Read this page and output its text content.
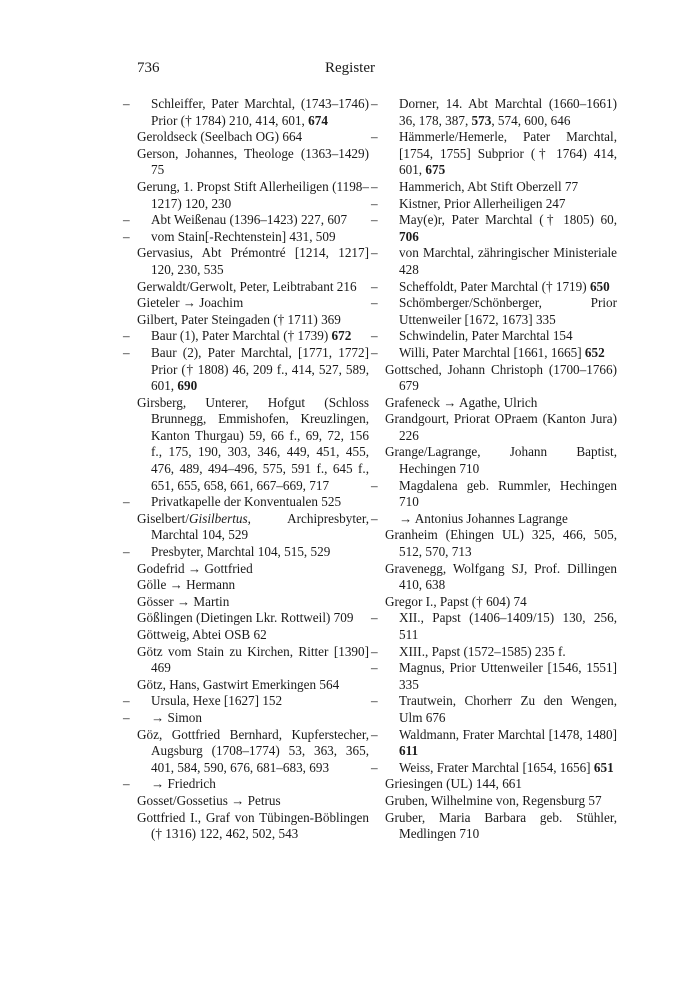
736	Register
– Schleiffer, Pater Marchtal, (1743–1746) Prior († 1784) 210, 414, 601, 674
Geroldseck (Seelbach OG) 664
Gerson, Johannes, Theologe (1363–1429) 75
Gerung, 1. Propst Stift Allerheiligen (1198–1217) 120, 230
– Abt Weißenau (1396–1423) 227, 607
– vom Stain[-Rechtenstein] 431, 509
Gervasius, Abt Prémontré [1214, 1217] 120, 230, 535
Gerwaldt/Gerwolt, Peter, Leibtrabant 216
Gieteler → Joachim
Gilbert, Pater Steingaden († 1711) 369
– Baur (1), Pater Marchtal († 1739) 672
– Baur (2), Pater Marchtal, [1771, 1772] Prior († 1808) 46, 209 f., 414, 527, 589, 601, 690
Girsberg, Unterer, Hofgut (Schloss Brunnegg, Emmishofen, Kreuzlingen, Kanton Thurgau) 59, 66 f., 69, 72, 156 f., 175, 190, 303, 346, 449, 451, 455, 476, 489, 494–496, 575, 591 f., 645 f., 651, 655, 658, 661, 667–669, 717
– Privatkapelle der Konventualen 525
Giselbert/Gisilbertus, Archipresbyter, Marchtal 104, 529
– Presbyter, Marchtal 104, 515, 529
Godefrid → Gottfried
Gölle → Hermann
Gösser → Martin
Gößlingen (Dietingen Lkr. Rottweil) 709
Göttweig, Abtei OSB 62
Götz vom Stain zu Kirchen, Ritter [1390] 469
Götz, Hans, Gastwirt Emerkingen 564
– Ursula, Hexe [1627] 152
– → Simon
Göz, Gottfried Bernhard, Kupferstecher, Augsburg (1708–1774) 53, 363, 365, 401, 584, 590, 676, 681–683, 693
– → Friedrich
Gosset/Gossetius → Petrus
Gottfried I., Graf von Tübingen-Böblingen († 1316) 122, 462, 502, 543
– Dorner, 14. Abt Marchtal (1660–1661) 36, 178, 387, 573, 574, 600, 646
– Hämmerle/Hemerle, Pater Marchtal, [1754, 1755] Subprior († 1764) 414, 601, 675
– Hammerich, Abt Stift Oberzell 77
– Kistner, Prior Allerheiligen 247
– May(e)r, Pater Marchtal († 1805) 60, 706
– von Marchtal, zähringischer Ministeriale 428
– Scheffoldt, Pater Marchtal († 1719) 650
– Schömberger/Schönberger, Prior Uttenweiler [1672, 1673] 335
– Schwindelin, Pater Marchtal 154
– Willi, Pater Marchtal [1661, 1665] 652
Gottsched, Johann Christoph (1700–1766) 679
Grafeneck → Agathe, Ulrich
Grandgourt, Priorat OPraem (Kanton Jura) 226
Grange/Lagrange, Johann Baptist, Hechingen 710
– Magdalena geb. Rummler, Hechingen 710
– → Antonius Johannes Lagrange
Granheim (Ehingen UL) 325, 466, 505, 512, 570, 713
Gravenegg, Wolfgang SJ, Prof. Dillingen 410, 638
Gregor I., Papst († 604) 74
– XII., Papst (1406–1409/15) 130, 256, 511
– XIII., Papst (1572–1585) 235 f.
– Magnus, Prior Uttenweiler [1546, 1551] 335
– Trautwein, Chorherr Zu den Wengen, Ulm 676
– Waldmann, Frater Marchtal [1478, 1480] 611
– Weiss, Frater Marchtal [1654, 1656] 651
Griesingen (UL) 144, 661
Gruben, Wilhelmine von, Regensburg 57
Gruber, Maria Barbara geb. Stühler, Medlingen 710
